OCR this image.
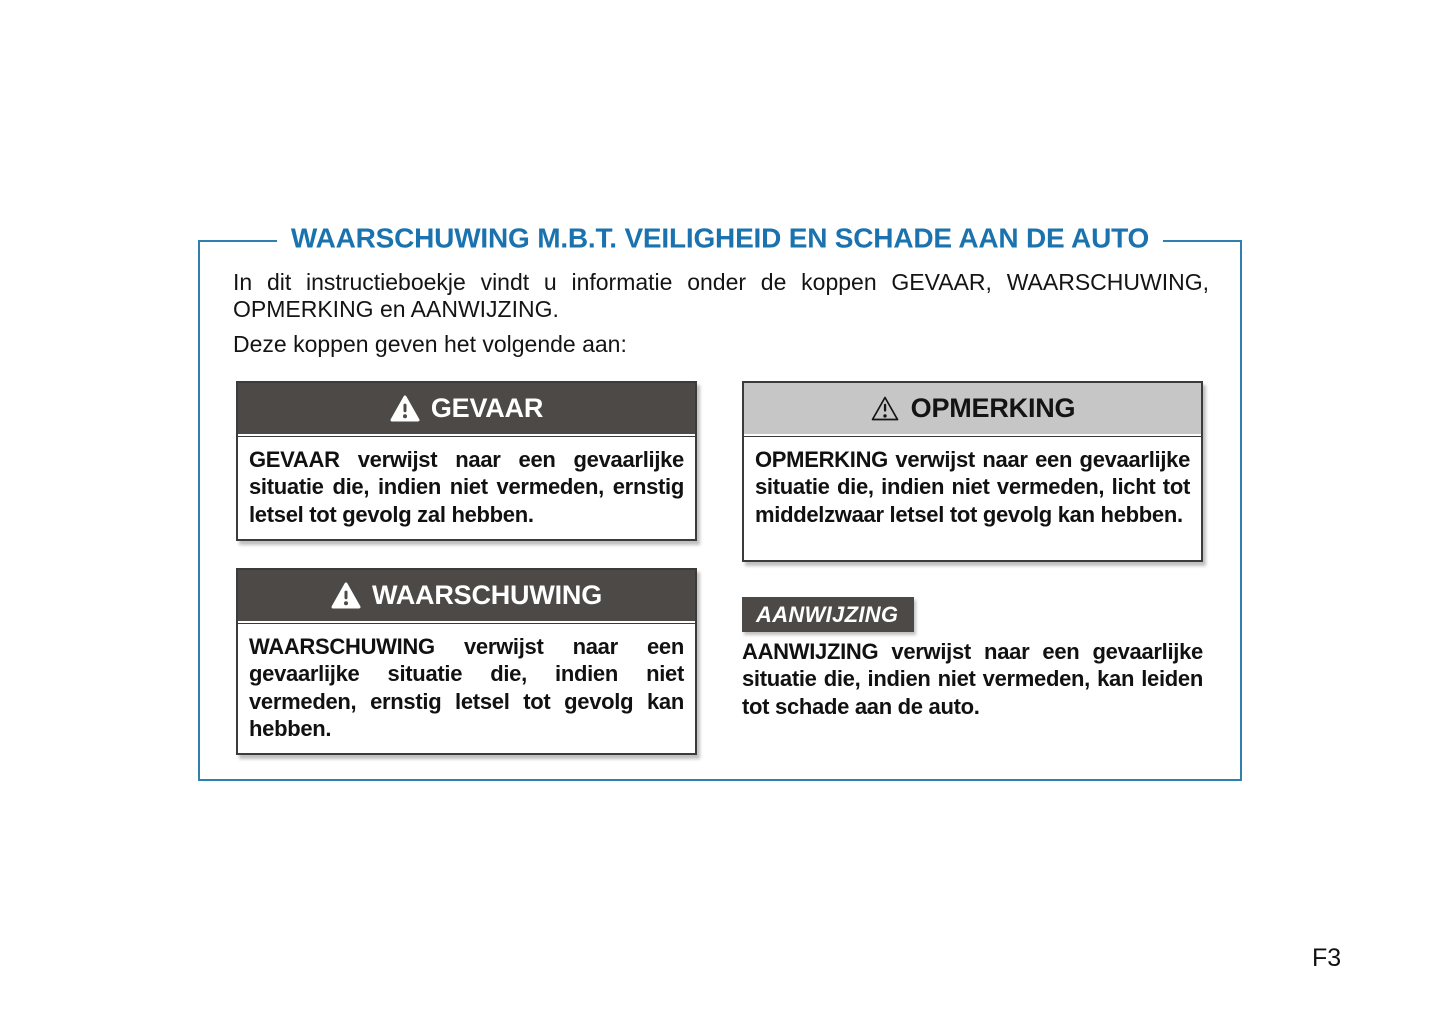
WAARSCHUWING M.B.T. VEILIGHEID EN SCHADE AAN DE AUTO

In dit instructieboekje vindt u informatie onder de koppen GEVAAR, WAARSCHUWING, OPMERKING en AANWIJZING.

Deze koppen geven het volgende aan:

GEVAAR
GEVAAR verwijst naar een gevaarlijke situatie die, indien niet vermeden, ernstig letsel tot gevolg zal hebben.
OPMERKING
OPMERKING verwijst naar een gevaarlijke situatie die, indien niet vermeden, licht tot middelzwaar letsel tot gevolg kan hebben.
WAARSCHUWING
WAARSCHUWING verwijst naar een gevaarlijke situatie die, indien niet vermeden, ernstig letsel tot gevolg kan hebben.
AANWIJZING

AANWIJZING verwijst naar een gevaarlijke situatie die, indien niet vermeden, kan leiden tot schade aan de auto.

F3
